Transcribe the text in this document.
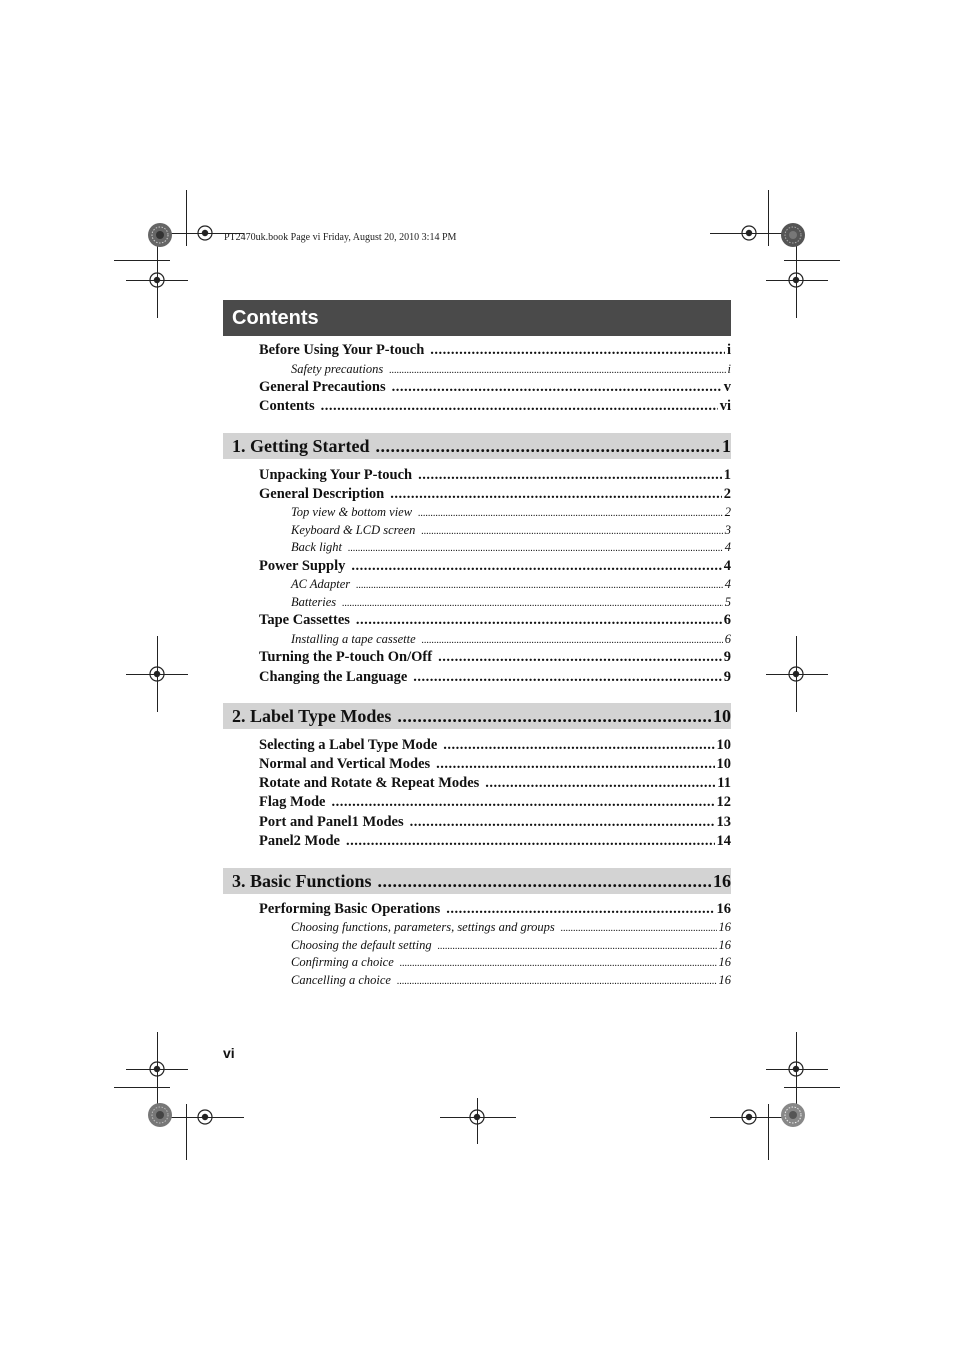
PT2470uk.book Page vi Friday, August 20, 2010 3:14 PM
Contents
Before Using Your P-touch .....	i
Safety precautions .....	i
General Precautions .....	v
Contents .....	vi
1. Getting Started .....	1
Unpacking Your P-touch .....	1
General Description .....	2
Top view & bottom view .....	2
Keyboard & LCD screen .....	3
Back light .....	4
Power Supply .....	4
AC Adapter .....	4
Batteries .....	5
Tape Cassettes .....	6
Installing a tape cassette .....	6
Turning the P-touch On/Off .....	9
Changing the Language .....	9
2. Label Type Modes .....	10
Selecting a Label Type Mode .....	10
Normal and Vertical Modes .....	10
Rotate and Rotate & Repeat Modes .....	11
Flag Mode .....	12
Port and Panel1 Modes .....	13
Panel2 Mode .....	14
3. Basic Functions .....	16
Performing Basic Operations .....	16
Choosing functions, parameters, settings and groups .....	16
Choosing the default setting .....	16
Confirming a choice .....	16
Cancelling a choice .....	16
vi
